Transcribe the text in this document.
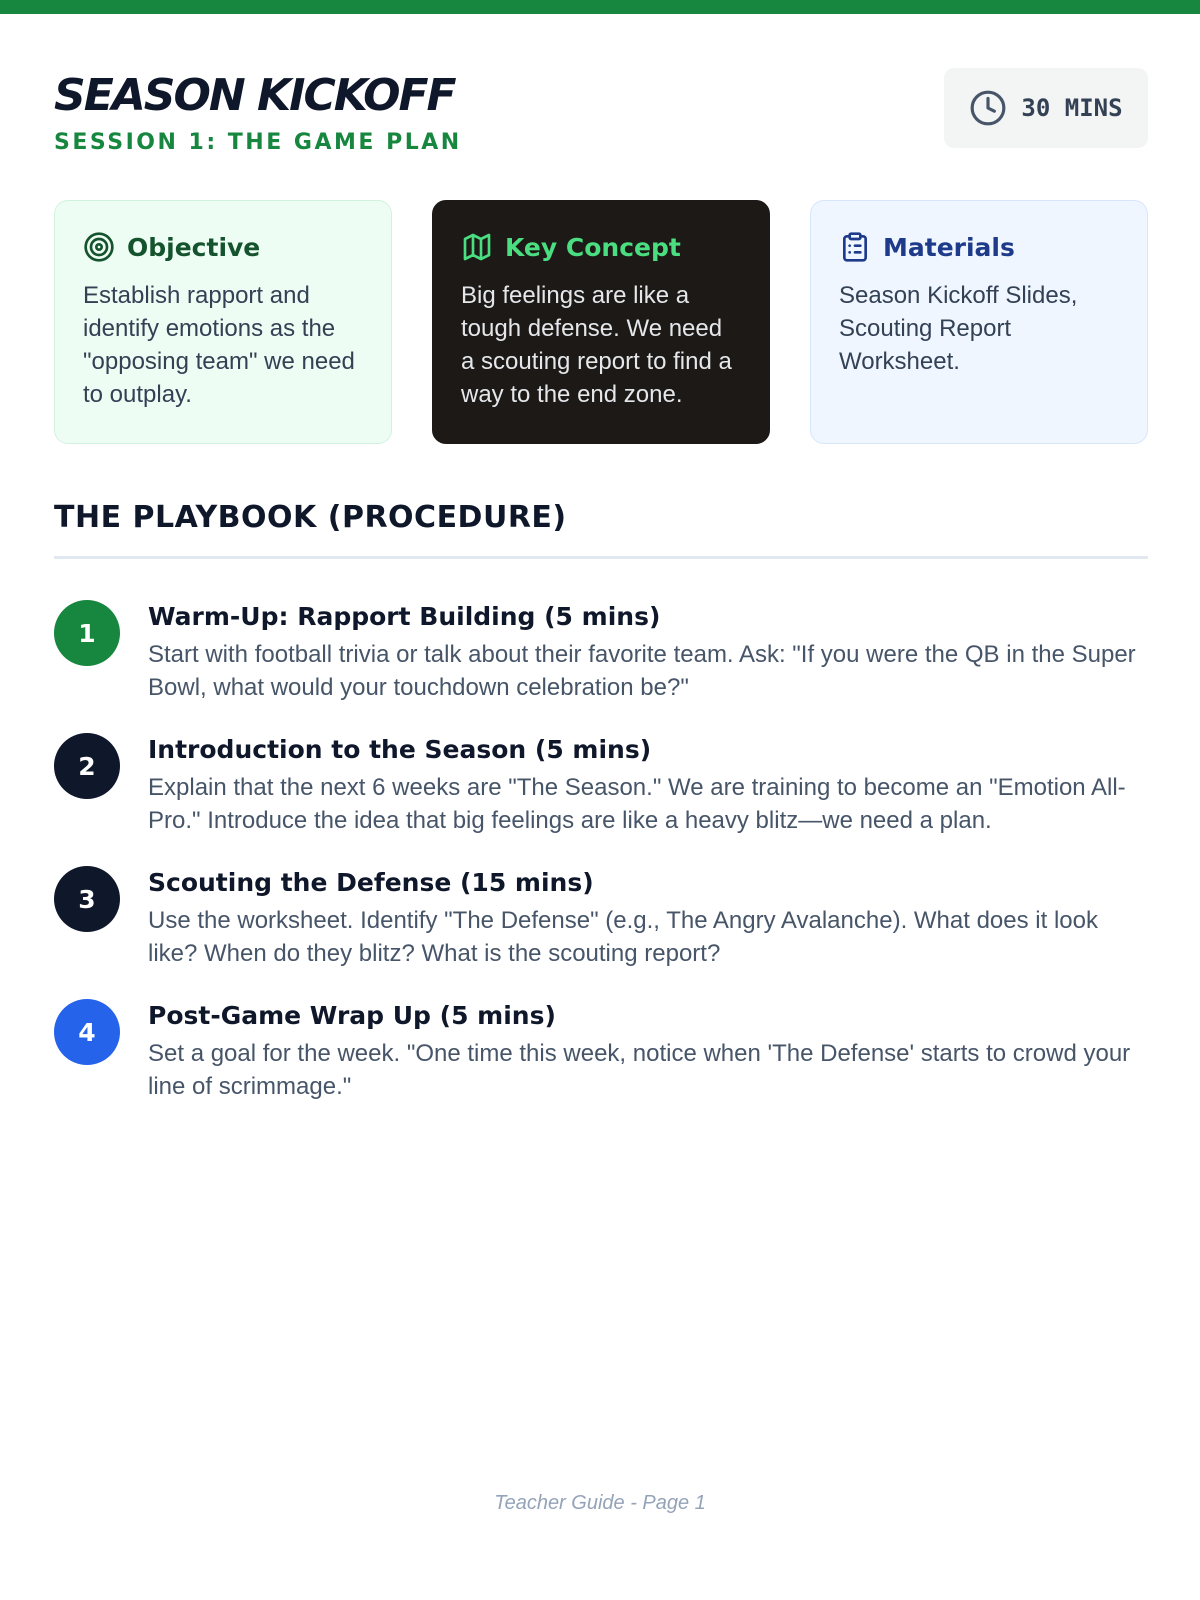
SEASON KICKOFF
SESSION 1: THE GAME PLAN
30 MINS
Objective
Establish rapport and identify emotions as the "opposing team" we need to outplay.
Key Concept
Big feelings are like a tough defense. We need a scouting report to find a way to the end zone.
Materials
Season Kickoff Slides, Scouting Report Worksheet.
THE PLAYBOOK (PROCEDURE)
1
Warm-Up: Rapport Building (5 mins)
Start with football trivia or talk about their favorite team. Ask: "If you were the QB in the Super Bowl, what would your touchdown celebration be?"
2
Introduction to the Season (5 mins)
Explain that the next 6 weeks are "The Season." We are training to become an "Emotion All-Pro." Introduce the idea that big feelings are like a heavy blitz—we need a plan.
3
Scouting the Defense (15 mins)
Use the worksheet. Identify "The Defense" (e.g., The Angry Avalanche). What does it look like? When do they blitz? What is the scouting report?
4
Post-Game Wrap Up (5 mins)
Set a goal for the week. "One time this week, notice when 'The Defense' starts to crowd your line of scrimmage."
Teacher Guide - Page 1
